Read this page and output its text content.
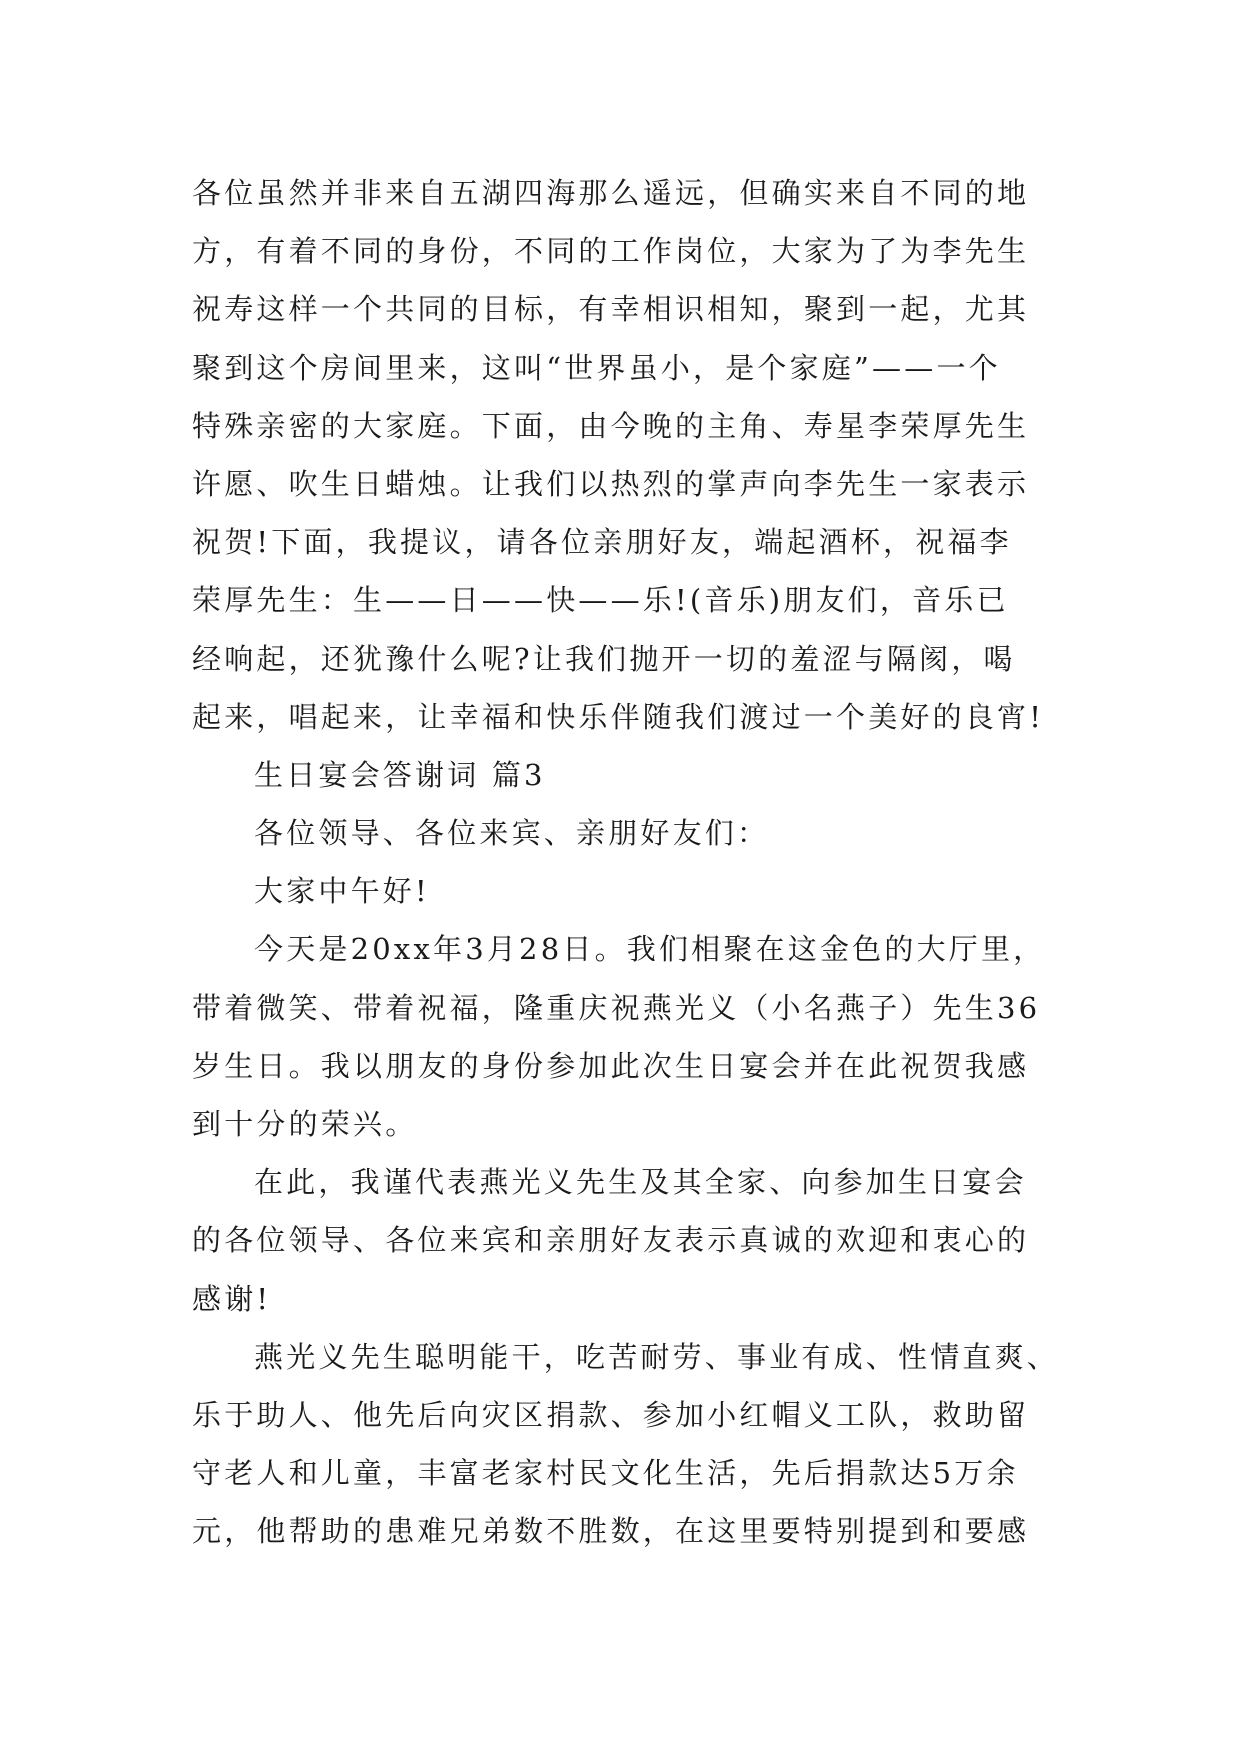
各位虽然并非来自五湖四海那么遥远，但确实来自不同的地
方，有着不同的身份，不同的工作岗位，大家为了为李先生
祝寿这样一个共同的目标，有幸相识相知，聚到一起，尤其
聚到这个房间里来，这叫“世界虽小，是个家庭”——一个
特殊亲密的大家庭。下面，由今晚的主角、寿星李荣厚先生
许愿、吹生日蜡烛。让我们以热烈的掌声向李先生一家表示
祝贺!下面，我提议，请各位亲朋好友，端起酒杯，祝福李
荣厚先生：生——日——快——乐!(音乐)朋友们，音乐已
经响起，还犹豫什么呢?让我们抛开一切的羞涩与隔阂，喝
起来，唱起来，让幸福和快乐伴随我们渡过一个美好的良宵!
生日宴会答谢词 篇3
各位领导、各位来宾、亲朋好友们：
大家中午好!
今天是20xx年3月28日。我们相聚在这金色的大厅里，
带着微笑、带着祝福，隆重庆祝燕光义（小名燕子）先生36
岁生日。我以朋友的身份参加此次生日宴会并在此祝贺我感
到十分的荣兴。
在此，我谨代表燕光义先生及其全家、向参加生日宴会
的各位领导、各位来宾和亲朋好友表示真诚的欢迎和衷心的
感谢!
燕光义先生聪明能干，吃苦耐劳、事业有成、性情直爽、
乐于助人、他先后向灾区捐款、参加小红帽义工队，救助留
守老人和儿童，丰富老家村民文化生活，先后捐款达5万余
元，他帮助的患难兄弟数不胜数，在这里要特别提到和要感
